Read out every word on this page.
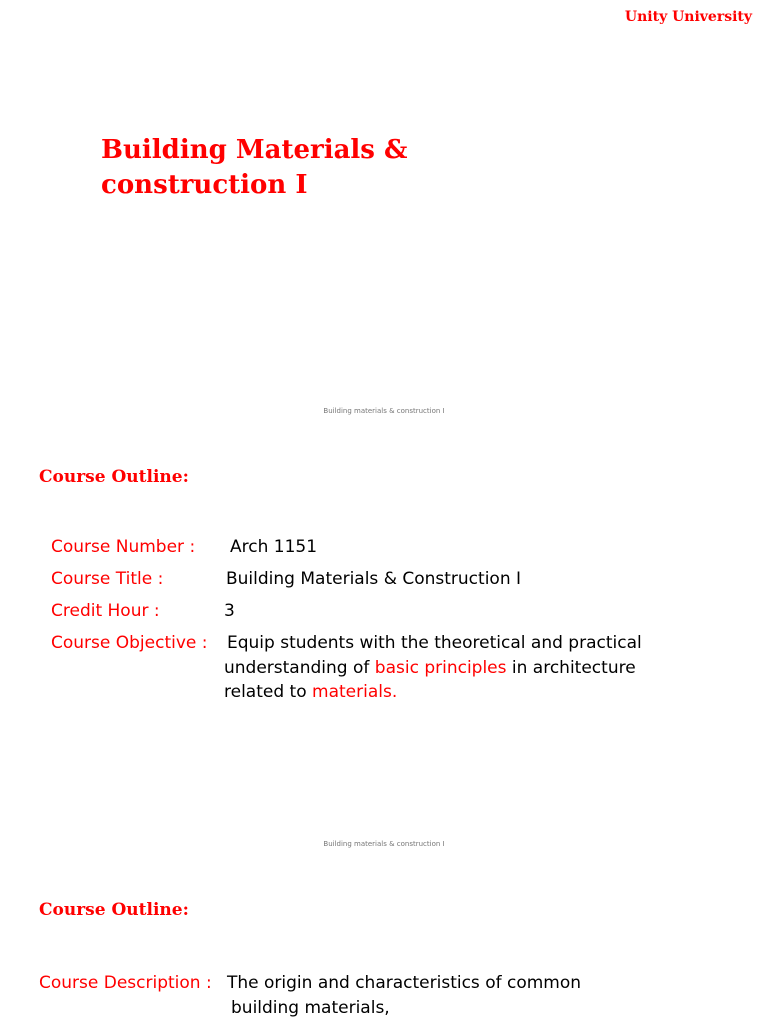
Unity University
Building Materials &
construction I
Building materials & construction I
Course Outline:
Course Number : Arch 1151
Course Title :	Building Materials & Construction I
Credit Hour :	3
Course Objective : Equip students with the theoretical and practical
understanding of basic principles in architecture
related to materials.
Building materials & construction I
Course Outline:
Course Description : The origin and characteristics of common
building materials,
